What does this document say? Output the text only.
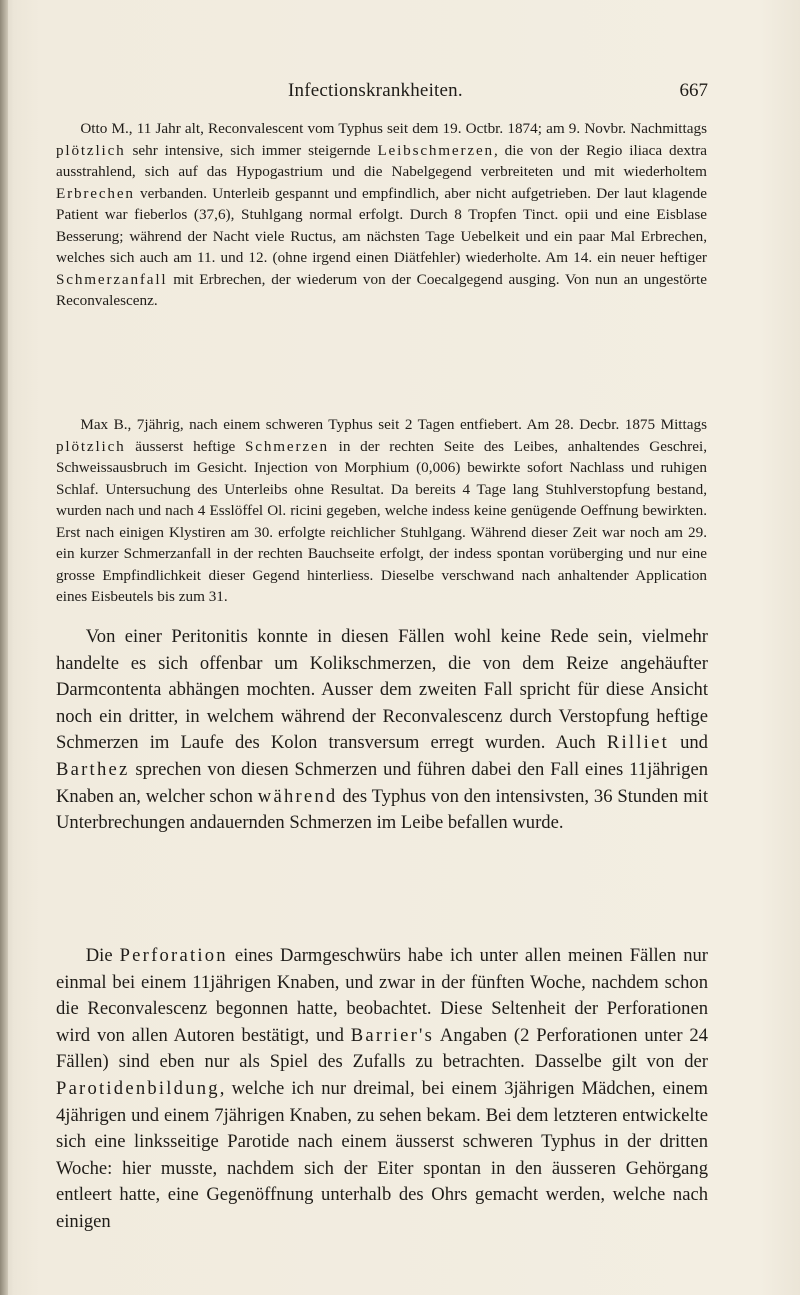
Infectionskrankheiten.	667

Otto M., 11 Jahr alt, Reconvalescent vom Typhus seit dem 19. Octbr. 1874; am 9. Novbr. Nachmittags plötzlich sehr intensive, sich immer steigernde Leibschmerzen, die von der Regio iliaca dextra ausstrahlend, sich auf das Hypogastrium und die Nabelgegend verbreiteten und mit wiederholtem Erbrechen verbanden. Unterleib gespannt und empfindlich, aber nicht aufgetrieben. Der laut klagende Patient war fieberlos (37,6), Stuhlgang normal erfolgt. Durch 8 Tropfen Tinct. opii und eine Eisblase Besserung; während der Nacht viele Ructus, am nächsten Tage Uebelkeit und ein paar Mal Erbrechen, welches sich auch am 11. und 12. (ohne irgend einen Diätfehler) wiederholte. Am 14. ein neuer heftiger Schmerzanfall mit Erbrechen, der wiederum von der Coecalgegend ausging. Von nun an ungestörte Reconvalescenz.

Max B., 7jährig, nach einem schweren Typhus seit 2 Tagen entfiebert. Am 28. Decbr. 1875 Mittags plötzlich äusserst heftige Schmerzen in der rechten Seite des Leibes, anhaltendes Geschrei, Schweissausbruch im Gesicht. Injection von Morphium (0,006) bewirkte sofort Nachlass und ruhigen Schlaf. Untersuchung des Unterleibs ohne Resultat. Da bereits 4 Tage lang Stuhlverstopfung bestand, wurden nach und nach 4 Esslöffel Ol. ricini gegeben, welche indess keine genügende Oeffnung bewirkten. Erst nach einigen Klystiren am 30. erfolgte reichlicher Stuhlgang. Während dieser Zeit war noch am 29. ein kurzer Schmerzanfall in der rechten Bauchseite erfolgt, der indess spontan vorüberging und nur eine grosse Empfindlichkeit dieser Gegend hinterliess. Dieselbe verschwand nach anhaltender Application eines Eisbeutels bis zum 31.

Von einer Peritonitis konnte in diesen Fällen wohl keine Rede sein, vielmehr handelte es sich offenbar um Kolikschmerzen, die von dem Reize angehäufter Darmcontenta abhängen mochten. Ausser dem zweiten Fall spricht für diese Ansicht noch ein dritter, in welchem während der Reconvalescenz durch Verstopfung heftige Schmerzen im Laufe des Kolon transversum erregt wurden. Auch Rilliet und Barthez sprechen von diesen Schmerzen und führen dabei den Fall eines 11jährigen Knaben an, welcher schon während des Typhus von den intensivsten, 36 Stunden mit Unterbrechungen andauernden Schmerzen im Leibe befallen wurde.

Die Perforation eines Darmgeschwürs habe ich unter allen meinen Fällen nur einmal bei einem 11jährigen Knaben, und zwar in der fünften Woche, nachdem schon die Reconvalescenz begonnen hatte, beobachtet. Diese Seltenheit der Perforationen wird von allen Autoren bestätigt, und Barrier's Angaben (2 Perforationen unter 24 Fällen) sind eben nur als Spiel des Zufalls zu betrachten. Dasselbe gilt von der Parotidenbildung, welche ich nur dreimal, bei einem 3jährigen Mädchen, einem 4jährigen und einem 7jährigen Knaben, zu sehen bekam. Bei dem letzteren entwickelte sich eine linksseitige Parotide nach einem äusserst schweren Typhus in der dritten Woche: hier musste, nachdem sich der Eiter spontan in den äusseren Gehörgang entleert hatte, eine Gegenöffnung unterhalb des Ohrs gemacht werden, welche nach einigen
